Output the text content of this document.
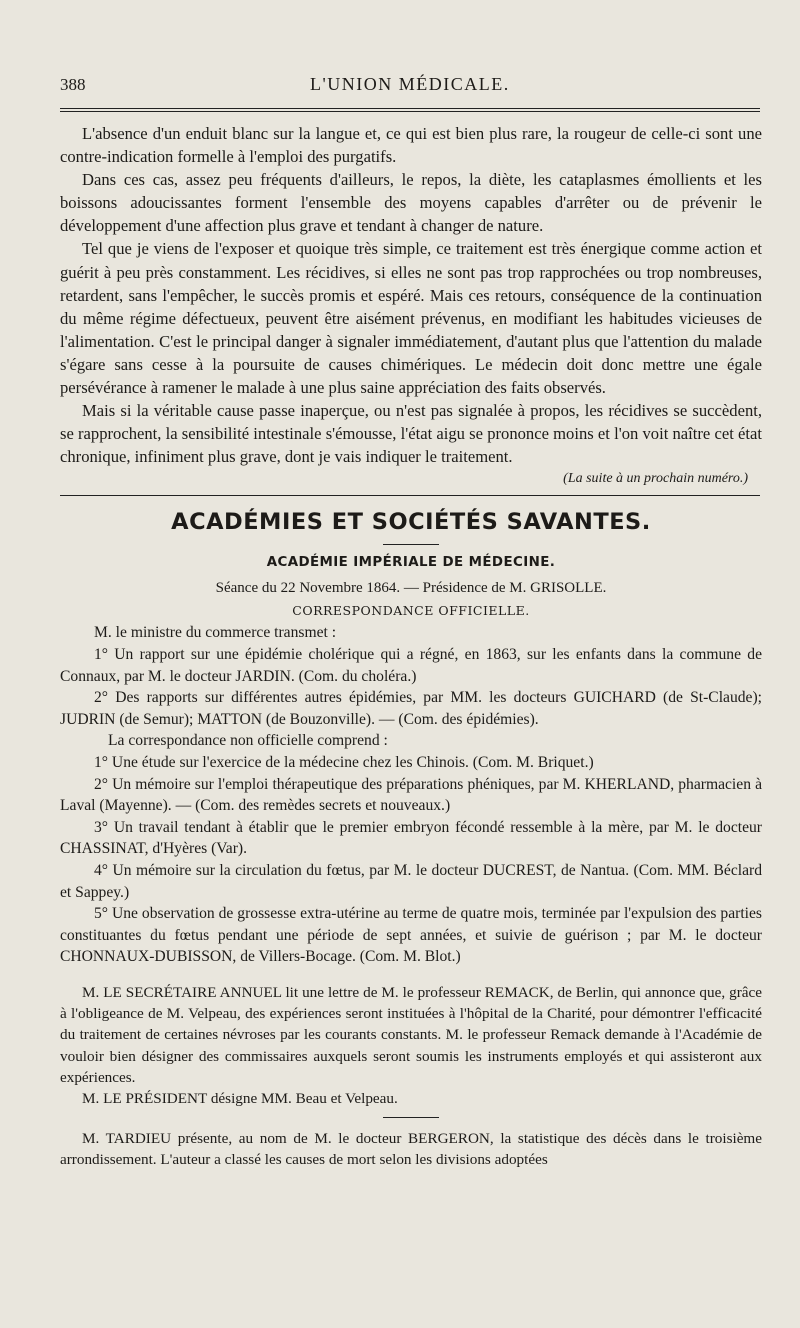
388	L'UNION MÉDICALE.

L'absence d'un enduit blanc sur la langue et, ce qui est bien plus rare, la rougeur de celle-ci sont une contre-indication formelle à l'emploi des purgatifs.

Dans ces cas, assez peu fréquents d'ailleurs, le repos, la diète, les cataplasmes émollients et les boissons adoucissantes forment l'ensemble des moyens capables d'arrêter ou de prévenir le développement d'une affection plus grave et tendant à changer de nature.

Tel que je viens de l'exposer et quoique très simple, ce traitement est très énergique comme action et guérit à peu près constamment. Les récidives, si elles ne sont pas trop rapprochées ou trop nombreuses, retardent, sans l'empêcher, le succès promis et espéré. Mais ces retours, conséquence de la continuation du même régime défectueux, peuvent être aisément prévenus, en modifiant les habitudes vicieuses de l'alimentation. C'est le principal danger à signaler immédiatement, d'autant plus que l'attention du malade s'égare sans cesse à la poursuite de causes chimériques. Le médecin doit donc mettre une égale persévérance à ramener le malade à une plus saine appréciation des faits observés.

Mais si la véritable cause passe inaperçue, ou n'est pas signalée à propos, les récidives se succèdent, se rapprochent, la sensibilité intestinale s'émousse, l'état aigu se prononce moins et l'on voit naître cet état chronique, infiniment plus grave, dont je vais indiquer le traitement.

(La suite à un prochain numéro.)
ACADÉMIES ET SOCIÉTÉS SAVANTES.
ACADÉMIE IMPÉRIALE DE MÉDECINE.
Séance du 22 Novembre 1864. — Présidence de M. GRISOLLE.
CORRESPONDANCE OFFICIELLE.

M. le ministre du commerce transmet :

1° Un rapport sur une épidémie cholérique qui a régné, en 1863, sur les enfants dans la commune de Connaux, par M. le docteur JARDIN. (Com. du choléra.)

2° Des rapports sur différentes autres épidémies, par MM. les docteurs GUICHARD (de St-Claude); JUDRIN (de Semur); MATTON (de Bouzonville). — (Com. des épidémies).

La correspondance non officielle comprend :

1° Une étude sur l'exercice de la médecine chez les Chinois. (Com. M. Briquet.)

2° Un mémoire sur l'emploi thérapeutique des préparations phéniques, par M. KHERLAND, pharmacien à Laval (Mayenne). — (Com. des remèdes secrets et nouveaux.)

3° Un travail tendant à établir que le premier embryon fécondé ressemble à la mère, par M. le docteur CHASSINAT, d'Hyères (Var).

4° Un mémoire sur la circulation du fœtus, par M. le docteur DUCREST, de Nantua. (Com. MM. Béclard et Sappey.)

5° Une observation de grossesse extra-utérine au terme de quatre mois, terminée par l'expulsion des parties constituantes du fœtus pendant une période de sept années, et suivie de guérison ; par M. le docteur CHONNAUX-DUBISSON, de Villers-Bocage. (Com. M. Blot.)

M. LE SECRÉTAIRE ANNUEL lit une lettre de M. le professeur REMACK, de Berlin, qui annonce que, grâce à l'obligeance de M. Velpeau, des expériences seront instituées à l'hôpital de la Charité, pour démontrer l'efficacité du traitement de certaines névroses par les courants constants. M. le professeur Remack demande à l'Académie de vouloir bien désigner des commissaires auxquels seront soumis les instruments employés et qui assisteront aux expériences.

M. LE PRÉSIDENT désigne MM. Beau et Velpeau.

M. TARDIEU présente, au nom de M. le docteur BERGERON, la statistique des décès dans le troisième arrondissement. L'auteur a classé les causes de mort selon les divisions adoptées
